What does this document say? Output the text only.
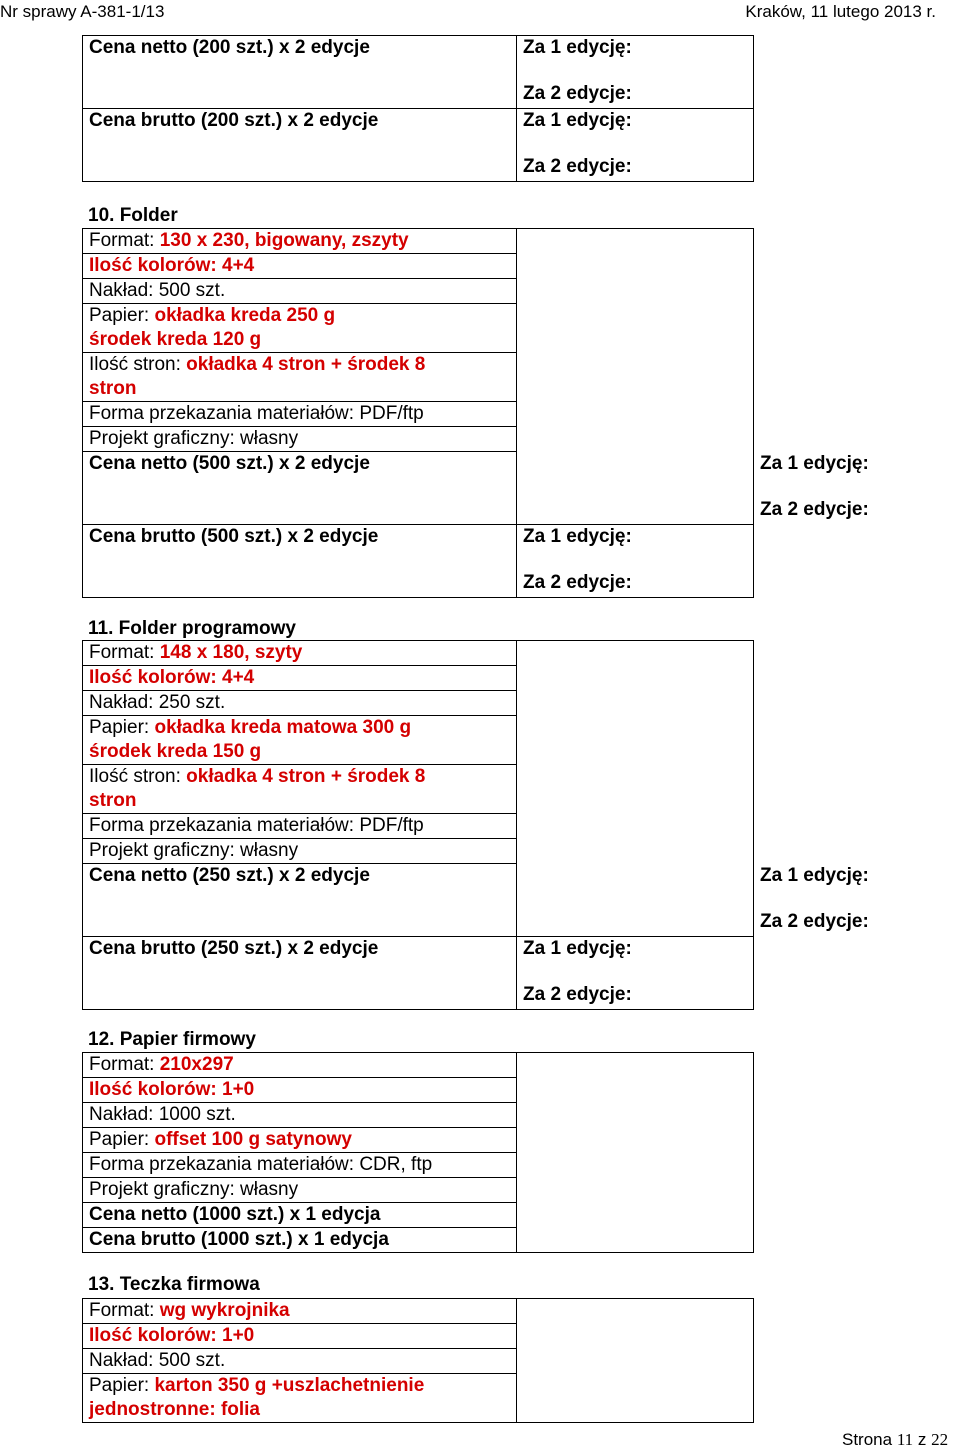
Nr sprawy A-381-1/13	Kraków, 11 lutego 2013 r.
Cena netto (200 szt.) x 2 edycje	Za 1 edycję:
Za 2 edycje:

Cena brutto (200 szt.) x 2 edycje	Za 1 edycję:
Za 2 edycje:
10. Folder
Format: 130 x 230, bigowany, zszyty		

Ilość kolorów: 4+4		

Nakład: 500 szt.		

Papier: okładka kreda 250 g
środek kreda 120 g		

Ilość stron: okładka 4 stron + środek 8
stron		

Forma przekazania materiałów: PDF/ftp		

Projekt graficzny: własny		

Cena netto (500 szt.) x 2 edycje		Za 1 edycję:
Za 2 edycje:

Cena brutto (500 szt.) x 2 edycje	Za 1 edycję:
Za 2 edycje:	
11. Folder programowy
Format: 148 x 180, szyty		

Ilość kolorów: 4+4		

Nakład: 250 szt.		

Papier: okładka kreda matowa 300 g
środek kreda 150 g		

Ilość stron: okładka 4 stron + środek 8
stron		

Forma przekazania materiałów: PDF/ftp		

Projekt graficzny: własny		

Cena netto (250 szt.) x 2 edycje		Za 1 edycję:
Za 2 edycje:

Cena brutto (250 szt.) x 2 edycje	Za 1 edycję:
Za 2 edycje:	
12. Papier firmowy
Format: 210x297

Ilość kolorów: 1+0

Nakład: 1000 szt.

Papier: offset 100 g satynowy

Forma przekazania materiałów: CDR, ftp

Projekt graficzny: własny

Cena netto (1000 szt.) x 1 edycja

Cena brutto (1000 szt.) x 1 edycja
13. Teczka firmowa
Format: wg wykrojnika

Ilość kolorów: 1+0

Nakład: 500 szt.

Papier: karton 350 g +uszlachetnienie
jednostronne: folia
Strona 11 z 22
